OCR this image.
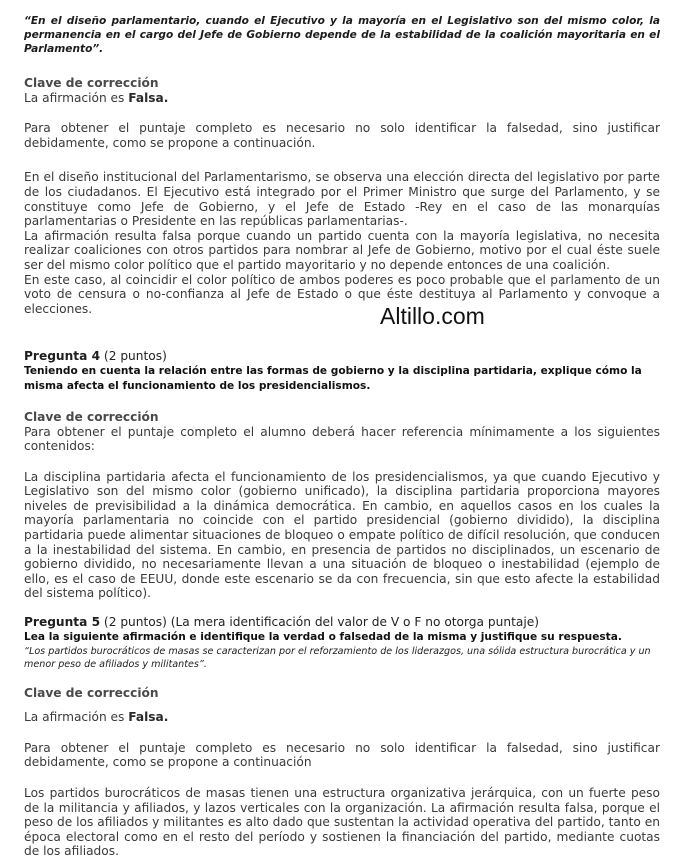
“En el diseño parlamentario, cuando el Ejecutivo y la mayoría en el Legislativo son del mismo color, la permanencia en el cargo del Jefe de Gobierno depende de la estabilidad de la coalición mayoritaria en el Parlamento”.

Clave de corrección

La afirmación es Falsa.

Para obtener el puntaje completo es necesario no solo identificar la falsedad, sino justificar debidamente, como se propone a continuación.

En el diseño institucional del Parlamentarismo, se observa una elección directa del legislativo por parte de los ciudadanos. El Ejecutivo está integrado por el Primer Ministro que surge del Parlamento, y se constituye como Jefe de Gobierno, y el Jefe de Estado -Rey en el caso de las monarquías parlamentarias o Presidente en las repúblicas parlamentarias-.

La afirmación resulta falsa porque cuando un partido cuenta con la mayoría legislativa, no necesita realizar coaliciones con otros partidos para nombrar al Jefe de Gobierno, motivo por el cual éste suele ser del mismo color político que el partido mayoritario y no depende entonces de una coalición.

En este caso, al coincidir el color político de ambos poderes es poco probable que el parlamento de un voto de censura o no-confianza al Jefe de Estado o que éste destituya al Parlamento y convoque a elecciones.

Pregunta 4 (2 puntos)

Teniendo en cuenta la relación entre las formas de gobierno y la disciplina partidaria, explique cómo la misma afecta el funcionamiento de los presidencialismos.

Clave de corrección

Para obtener el puntaje completo el alumno deberá hacer referencia mínimamente a los siguientes contenidos:

La disciplina partidaria afecta el funcionamiento de los presidencialismos, ya que cuando Ejecutivo y Legislativo son del mismo color (gobierno unificado), la disciplina partidaria proporciona mayores niveles de previsibilidad a la dinámica democrática. En cambio, en aquellos casos en los cuales la mayoría parlamentaria no coincide con el partido presidencial (gobierno dividido), la disciplina partidaria puede alimentar situaciones de bloqueo o empate político de difícil resolución, que conducen a la inestabilidad del sistema. En cambio, en presencia de partidos no disciplinados, un escenario de gobierno dividido, no necesariamente llevan a una situación de bloqueo o inestabilidad (ejemplo de ello, es el caso de EEUU, donde este escenario se da con frecuencia, sin que esto afecte la estabilidad del sistema político).

Pregunta 5 (2 puntos) (La mera identificación del valor de V o F no otorga puntaje)

Lea la siguiente afirmación e identifique la verdad o falsedad de la misma y justifique su respuesta.

“Los partidos burocráticos de masas se caracterizan por el reforzamiento de los liderazgos, una sólida estructura burocrática y un menor peso de afiliados y militantes”.

Clave de corrección

La afirmación es Falsa.

Para obtener el puntaje completo es necesario no solo identificar la falsedad, sino justificar debidamente, como se propone a continuación

Los partidos burocráticos de masas tienen una estructura organizativa jerárquica, con un fuerte peso de la militancia y afiliados, y lazos verticales con la organización. La afirmación resulta falsa, porque el peso de los afiliados y militantes es alto dado que sustentan la actividad operativa del partido, tanto en época electoral como en el resto del período y sostienen la financiación del partido, mediante cuotas de los afiliados.

Altillo.com
